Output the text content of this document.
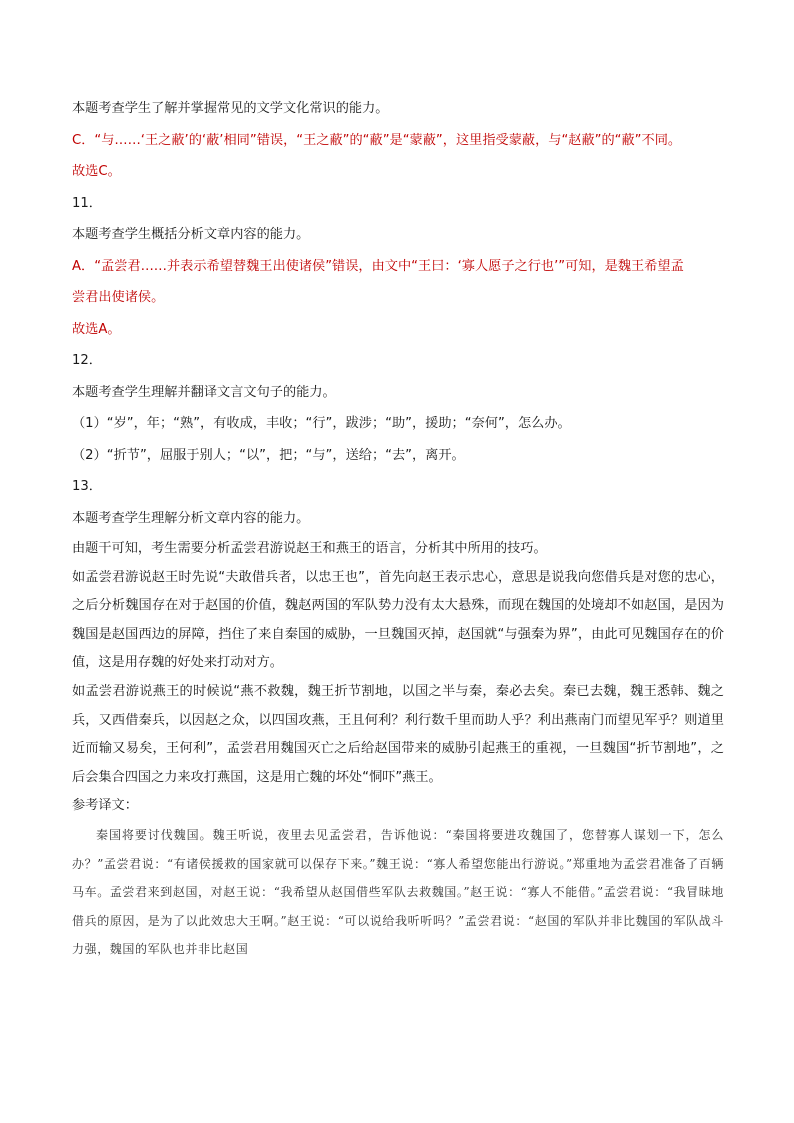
本题考查学生了解并掌握常见的文学文化常识的能力。
C．“与……‘王之蔽’的‘蔽’相同”错误，“王之蔽”的“蔽”是“蒙蔽”，这里指受蒙蔽，与“赵蔽”的“蔽”不同。
故选C。
11．
本题考查学生概括分析文章内容的能力。
A．“孟尝君……并表示希望替魏王出使诸侯”错误，由文中“王曰：‘寡人愿子之行也’”可知，是魏王希望孟
尝君出使诸侯。
故选A。
12．
本题考查学生理解并翻译文言文句子的能力。
（1）“岁”，年；“熟”，有收成，丰收；“行”，跋涉；“助”，援助；“奈何”，怎么办。
（2）“折节”，屈服于别人；“以”，把；“与”，送给；“去”，离开。
13．
本题考查学生理解分析文章内容的能力。

由题干可知，考生需要分析孟尝君游说赵王和燕王的语言，分析其中所用的技巧。

如孟尝君游说赵王时先说“夫敢借兵者，以忠王也”，首先向赵王表示忠心，意思是说我向您借兵是对您的忠心，之后分析魏国存在对于赵国的价值，魏赵两国的军队势力没有太大悬殊，而现在魏国的处境却不如赵国，是因为魏国是赵国西边的屏障，挡住了来自秦国的威胁，一旦魏国灭掉，赵国就“与强秦为界”，由此可见魏国存在的价值，这是用存魏的好处来打动对方。

如孟尝君游说燕王的时候说“燕不救魏，魏王折节割地，以国之半与秦，秦必去矣。秦已去魏，魏王悉韩、魏之兵，又西借秦兵，以因赵之众，以四国攻燕，王且何利？利行数千里而助人乎？利出燕南门而望见军乎？则道里近而输又易矣，王何利”，孟尝君用魏国灭亡之后给赵国带来的威胁引起燕王的重视，一旦魏国“折节割地”，之后会集合四国之力来攻打燕国，这是用亡魏的坏处“恫吓”燕王。

参考译文：

秦国将要讨伐魏国。魏王听说，夜里去见孟尝君，告诉他说：“秦国将要进攻魏国了，您替寡人谋划一下，怎么办？”孟尝君说：“有诸侯援救的国家就可以保存下来。”魏王说：“寡人希望您能出行游说。”郑重地为孟尝君准备了百辆马车。孟尝君来到赵国，对赵王说：“我希望从赵国借些军队去救魏国。”赵王说：“寡人不能借。”孟尝君说：“我冒昧地借兵的原因，是为了以此效忠大王啊。”赵王说：“可以说给我听听吗？”孟尝君说：“赵国的军队并非比魏国的军队战斗力强，魏国的军队也并非比赵国
